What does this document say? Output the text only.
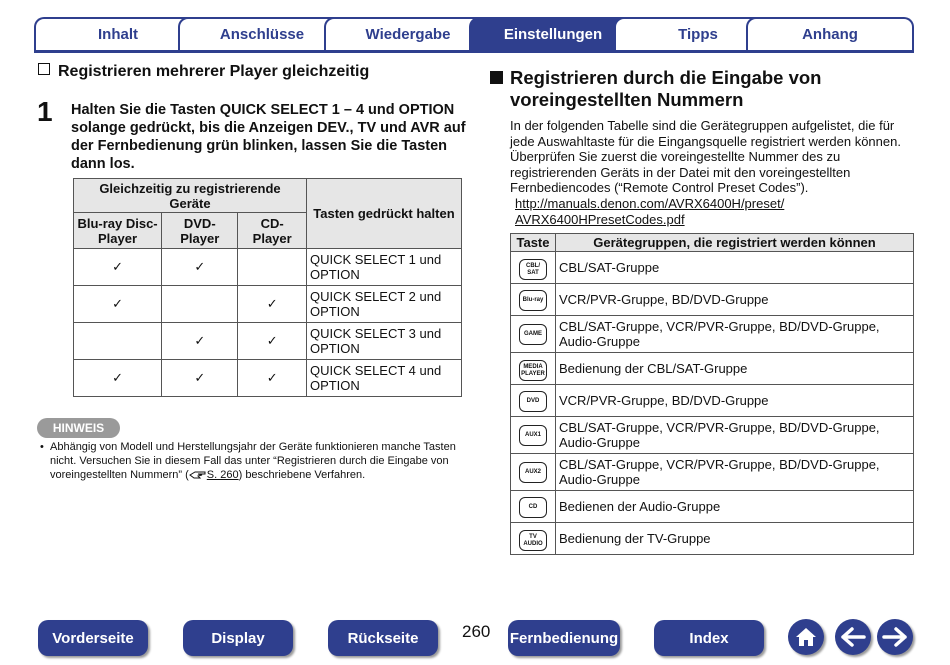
Inhalt	Anschlüsse	Wiedergabe	Einstellungen	Tipps	Anhang
Registrieren mehrerer Player gleichzeitig
1 Halten Sie die Tasten QUICK SELECT 1 – 4 und OPTION solange gedrückt, bis die Anzeigen DEV., TV und AVR auf der Fernbedienung grün blinken, lassen Sie die Tasten dann los.
Gleichzeitig zu registrierende Geräte			Tasten gedrückt halten
Blu-ray Disc-Player	DVD-Player	CD-Player	
✓	✓		QUICK SELECT 1 und OPTION
✓		✓	QUICK SELECT 2 und OPTION
	✓	✓	QUICK SELECT 3 und OPTION
✓	✓	✓	QUICK SELECT 4 und OPTION
HINWEIS
• Abhängig von Modell und Herstellungsjahr der Geräte funktionieren manche Tasten nicht. Versuchen Sie in diesem Fall das unter “Registrieren durch die Eingabe von voreingestellten Nummern” ( S. 260) beschriebene Verfahren.
Registrieren durch die Eingabe von voreingestellten Nummern
In der folgenden Tabelle sind die Gerätegruppen aufgelistet, die für jede Auswahltaste für die Eingangsquelle registriert werden können. Überprüfen Sie zuerst die voreingestellte Nummer des zu registrierenden Geräts in der Datei mit den voreingestellten Fernbediencodes (“Remote Control Preset Codes”).
http://manuals.denon.com/AVRX6400H/preset/
AVRX6400HPresetCodes.pdf
Taste	Gerätegruppen, die registriert werden können

CBL/
SAT	CBL/SAT-Gruppe

Blu-ray	VCR/PVR-Gruppe, BD/DVD-Gruppe

GAME	CBL/SAT-Gruppe, VCR/PVR-Gruppe, BD/DVD-Gruppe, Audio-Gruppe

MEDIA
PLAYER	Bedienung der CBL/SAT-Gruppe

DVD	VCR/PVR-Gruppe, BD/DVD-Gruppe

AUX1	CBL/SAT-Gruppe, VCR/PVR-Gruppe, BD/DVD-Gruppe, Audio-Gruppe

AUX2	CBL/SAT-Gruppe, VCR/PVR-Gruppe, BD/DVD-Gruppe, Audio-Gruppe

CD	Bedienen der Audio-Gruppe

TV
AUDIO	Bedienung der TV-Gruppe
260
Vorderseite	Display	Rückseite	Fernbedienung	Index
